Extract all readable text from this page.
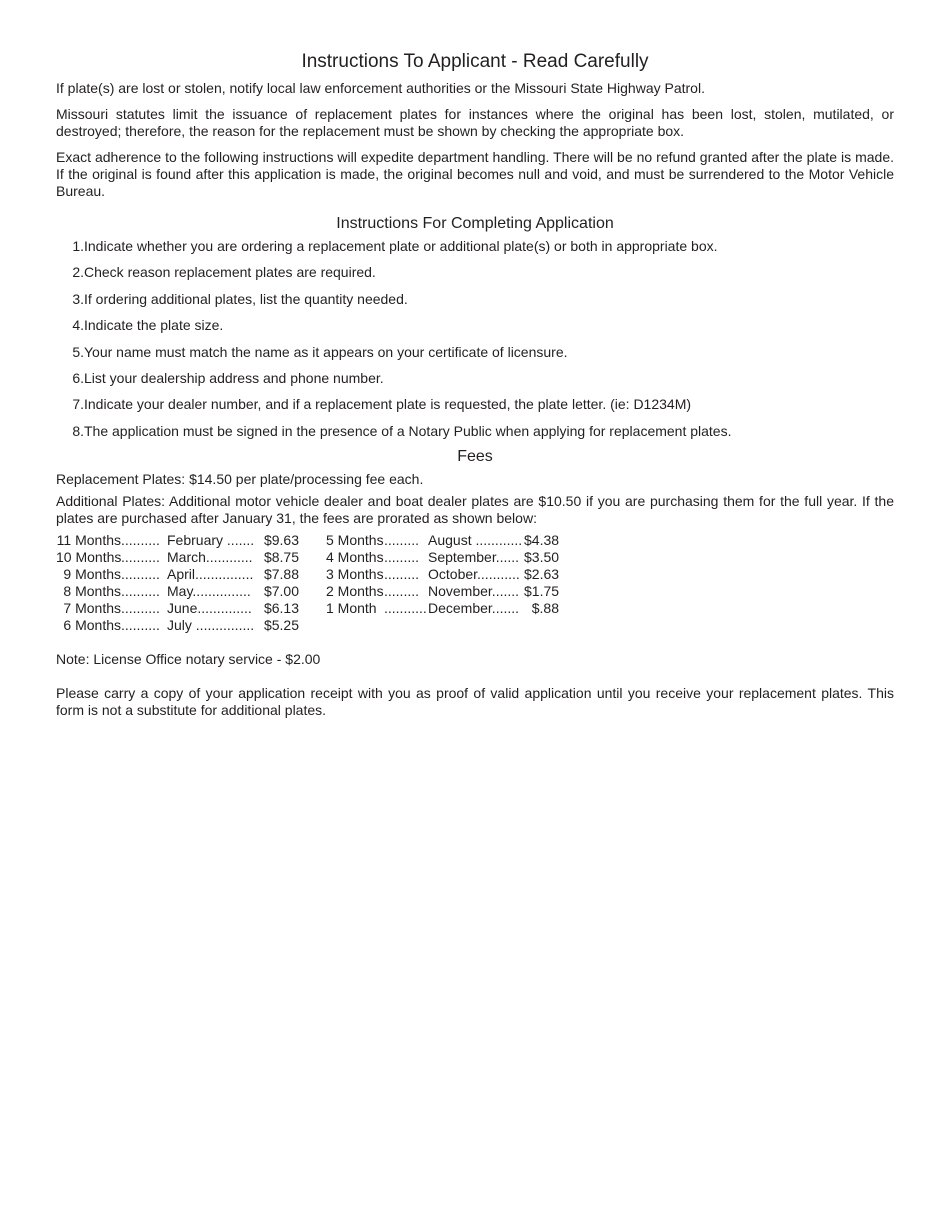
Instructions To Applicant - Read Carefully

If plate(s) are lost or stolen, notify local law enforcement authorities or the Missouri State Highway Patrol.

Missouri statutes limit the issuance of replacement plates for instances where the original has been lost, stolen, mutilated, or destroyed; therefore, the reason for the replacement must be shown by checking the appropriate box.

Exact adherence to the following instructions will expedite department handling. There will be no refund granted after the plate is made. If the original is found after this application is made, the original becomes null and void, and must be surrendered to the Motor Vehicle Bureau.

Instructions For Completing Application
1. Indicate whether you are ordering a replacement plate or additional plate(s) or both in appropriate box.
2. Check reason replacement plates are required.
3. If ordering additional plates, list the quantity needed.
4. Indicate the plate size.
5. Your name must match the name as it appears on your certificate of licensure.
6. List your dealership address and phone number.
7. Indicate your dealer number, and if a replacement plate is requested, the plate letter. (ie: D1234M)
8. The application must be signed in the presence of a Notary Public when applying for replacement plates.
Fees

Replacement Plates: $14.50 per plate/processing fee each.

Additional Plates: Additional motor vehicle dealer and boat dealer plates are $10.50 if you are purchasing them for the full year. If the plates are purchased after January 31, the fees are prorated as shown below:

11 Months .......... February ....... $9.63
10 Months .......... March............ $8.75
9 Months .......... April............... $7.88
8 Months .......... May............... $7.00
7 Months .......... June.............. $6.13
6 Months .......... July ............... $5.25
5 Months ......... August ............ $4.38
4 Months ......... September...... $3.50
3 Months ......... October........... $2.63
2 Months ......... November....... $1.75
1 Month ........... December....... $.88

Note: License Office notary service - $2.00

Please carry a copy of your application receipt with you as proof of valid application until you receive your replacement plates. This form is not a substitute for additional plates.
